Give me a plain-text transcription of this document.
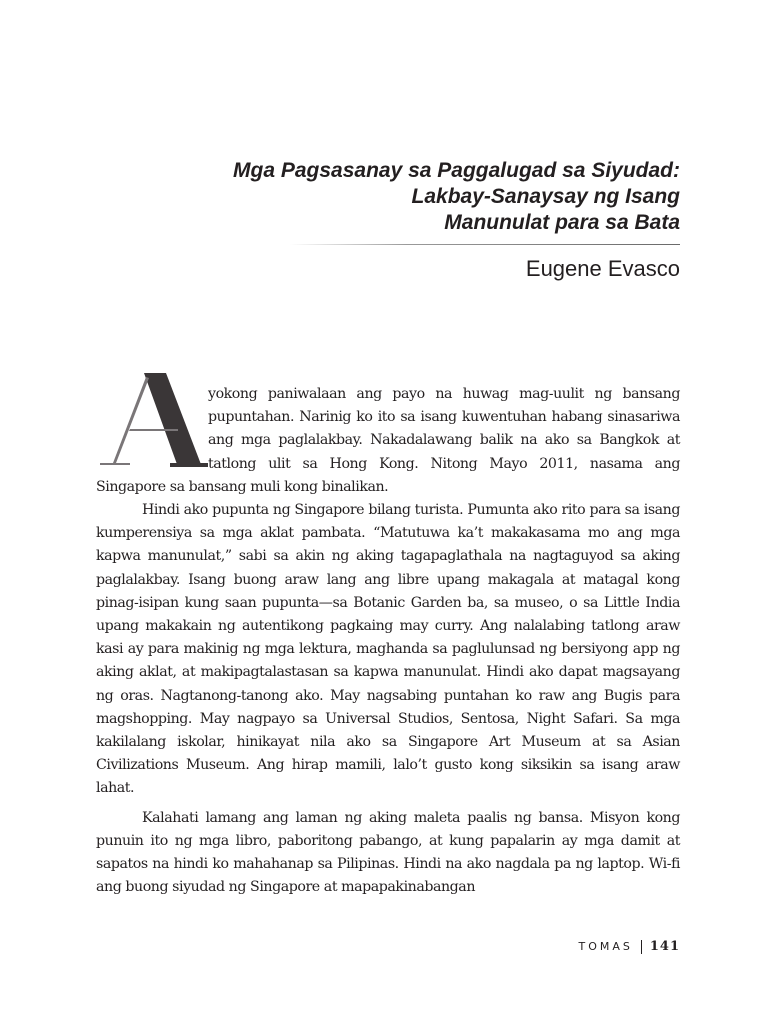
Mga Pagsasanay sa Paggalugad sa Siyudad:
Lakbay-Sanaysay ng Isang
Manunulat para sa Bata
Eugene Evasco

yokong paniwalaan ang payo na huwag mag-uulit ng bansang pupuntahan. Narinig ko ito sa isang kuwentuhan habang sinasariwa ang mga paglalakbay. Nakadalawang balik na ako sa Bangkok at tatlong ulit sa Hong Kong. Nitong Mayo 2011, nasama ang Singapore sa bansang muli kong binalikan.

Hindi ako pupunta ng Singapore bilang turista. Pumunta ako rito para sa isang kumperensiya sa mga aklat pambata. “Matutuwa ka’t makakasama mo ang mga kapwa manunulat,” sabi sa akin ng aking tagapaglathala na nagtaguyod sa aking paglalakbay. Isang buong araw lang ang libre upang makagala at matagal kong pinag-isipan kung saan pupunta—sa Botanic Garden ba, sa museo, o sa Little India upang makakain ng autentikong pagkaing may curry. Ang nalalabing tatlong araw kasi ay para makinig ng mga lektura, maghanda sa paglulunsad ng bersiyong app ng aking aklat, at makipagtalastasan sa kapwa manunulat. Hindi ako dapat magsayang ng oras. Nagtanong-tanong ako. May nagsabing puntahan ko raw ang Bugis para magshopping. May nagpayo sa Universal Studios, Sentosa, Night Safari. Sa mga kakilalang iskolar, hinikayat nila ako sa Singapore Art Museum at sa Asian Civilizations Museum. Ang hirap mamili, lalo’t gusto kong siksikin sa isang araw lahat.

Kalahati lamang ang laman ng aking maleta paalis ng bansa. Misyon kong punuin ito ng mga libro, paboritong pabango, at kung papalarin ay mga damit at sapatos na hindi ko mahahanap sa Pilipinas. Hindi na ako nagdala pa ng laptop. Wi-fi ang buong siyudad ng Singapore at mapapakinabangan

TOMAS 141
